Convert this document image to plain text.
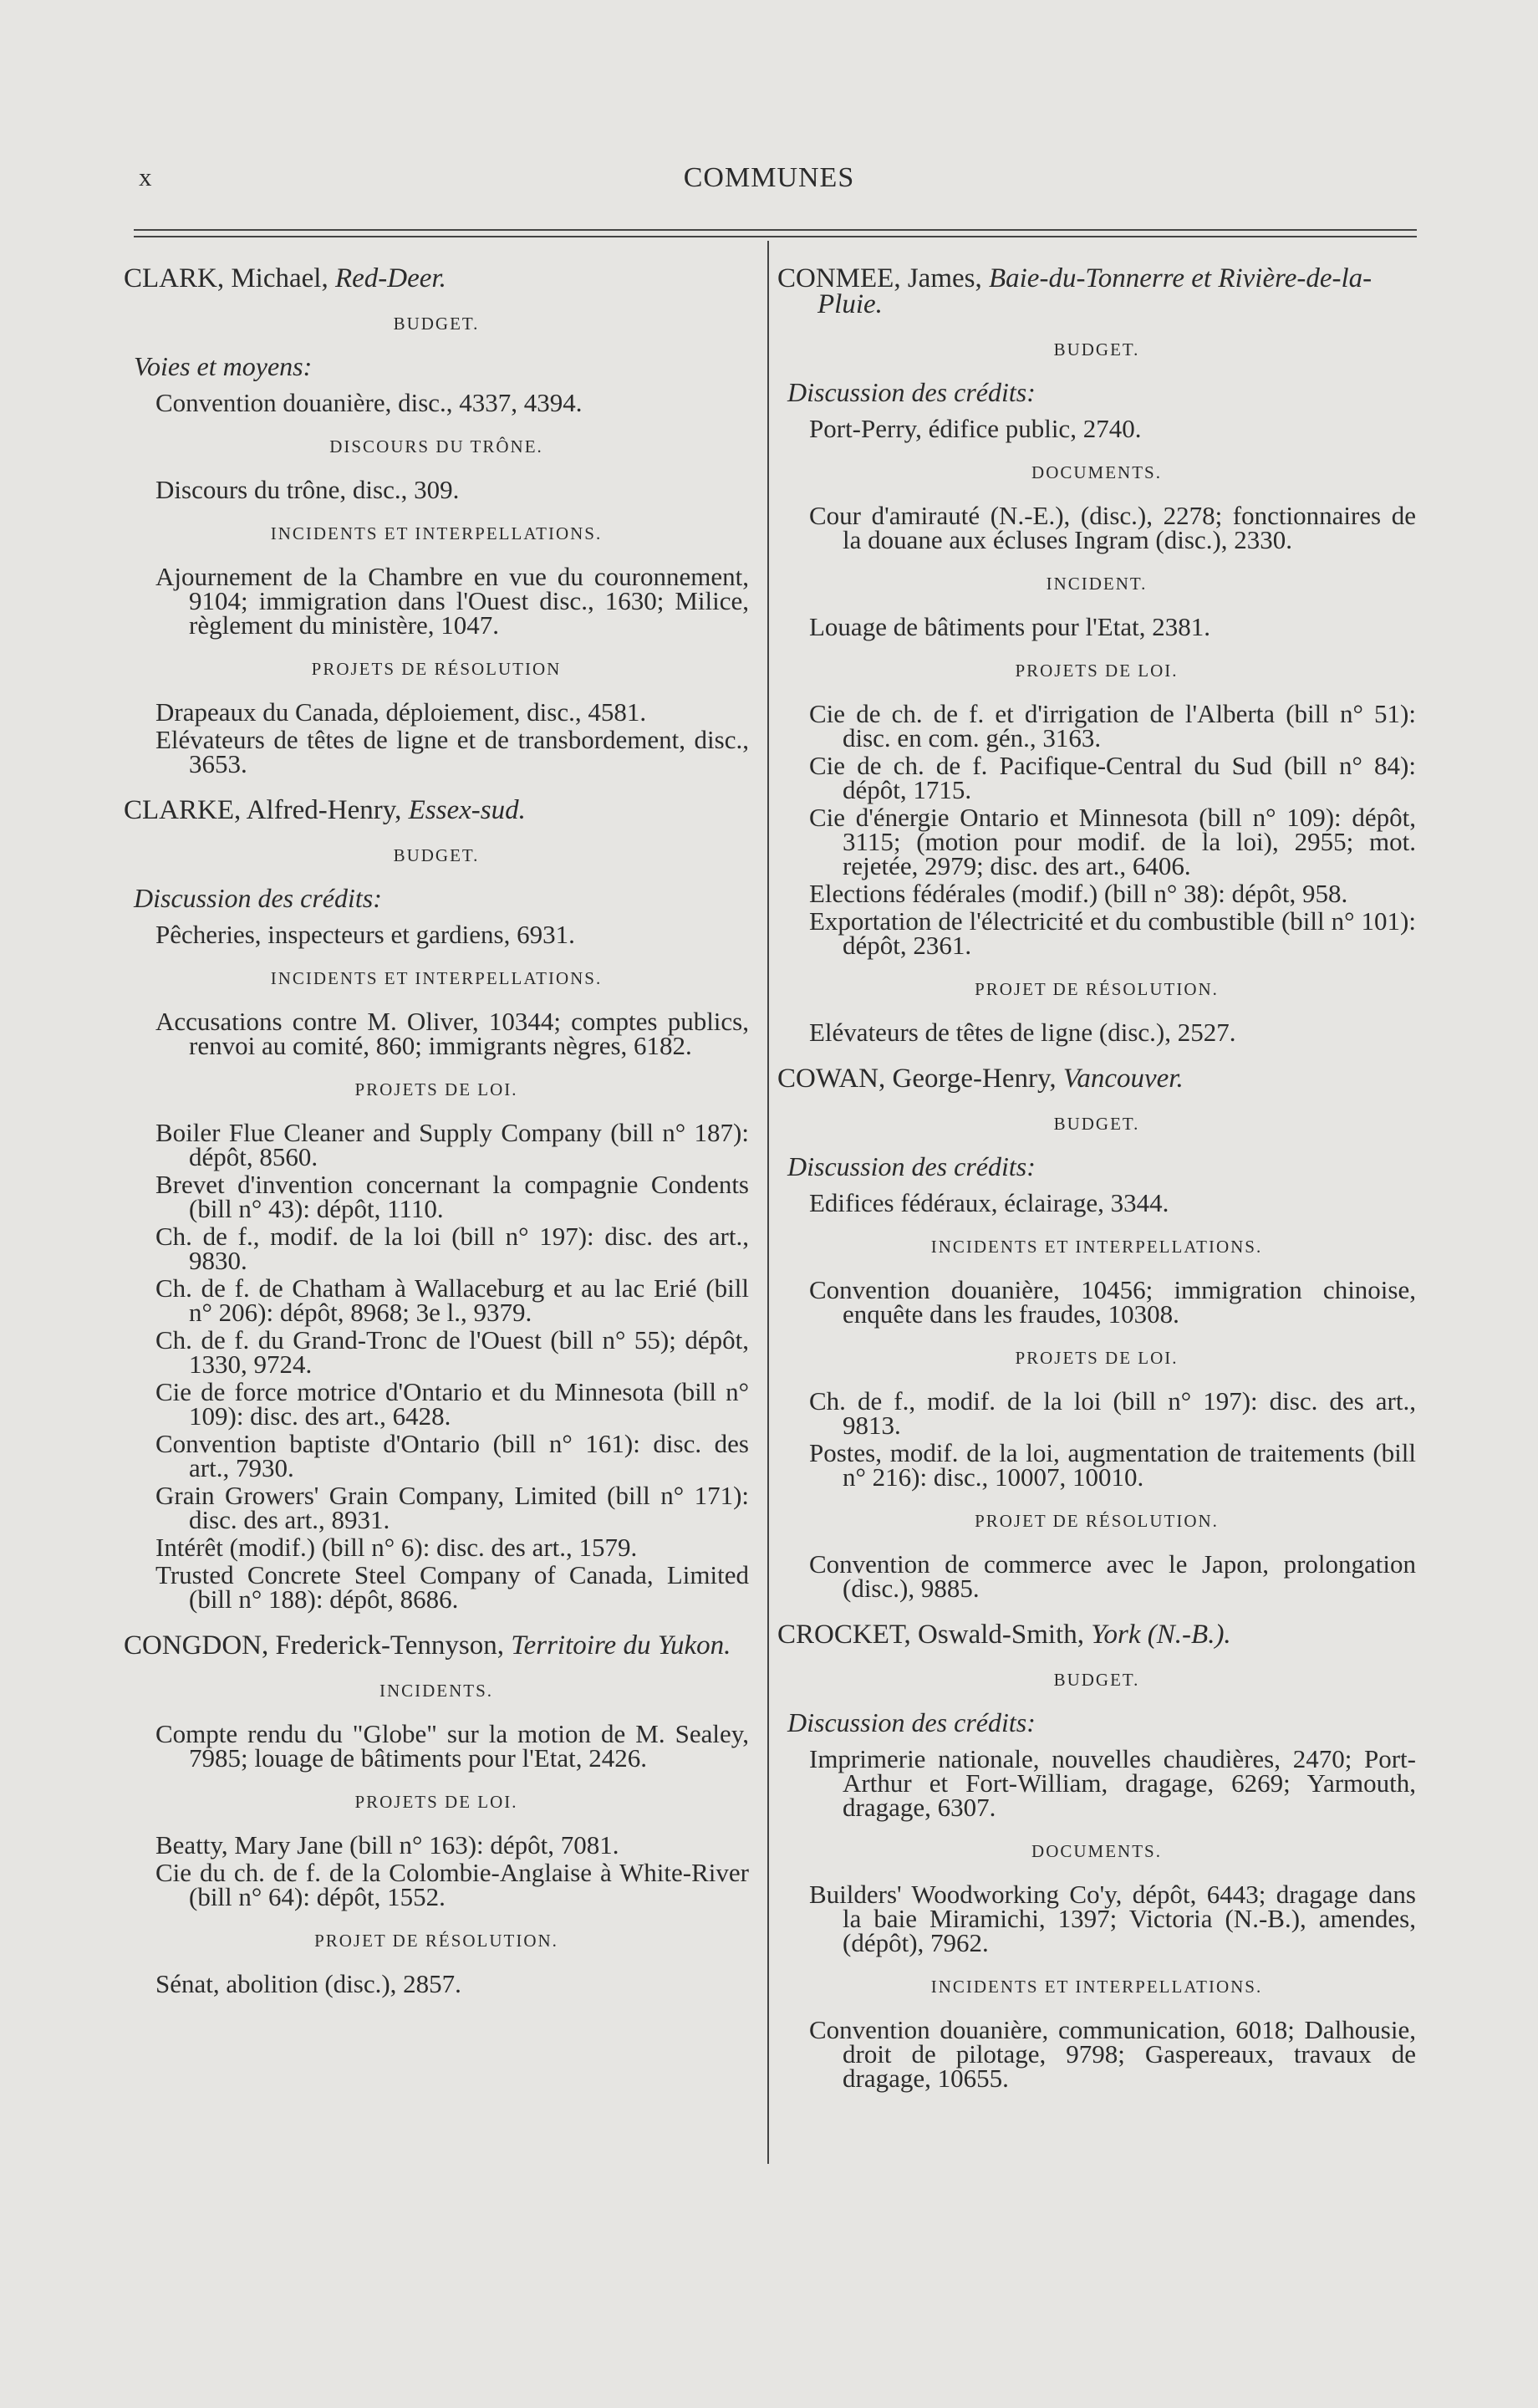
x	COMMUNES
CLARK, Michael, Red-Deer.
BUDGET.
Voies et moyens:
Convention douanière, disc., 4337, 4394.
DISCOURS DU TRÔNE.
Discours du trône, disc., 309.
INCIDENTS ET INTERPELLATIONS.
Ajournement de la Chambre en vue du couronnement, 9104; immigration dans l'Ouest disc., 1630; Milice, règlement du ministère, 1047.
PROJETS DE RÉSOLUTION
Drapeaux du Canada, déploiement, disc., 4581.
Elévateurs de têtes de ligne et de transbordement, disc., 3653.
CLARKE, Alfred-Henry, Essex-sud.
BUDGET.
Discussion des crédits:
Pêcheries, inspecteurs et gardiens, 6931.
INCIDENTS ET INTERPELLATIONS.
Accusations contre M. Oliver, 10344; comptes publics, renvoi au comité, 860; immigrants nègres, 6182.
PROJETS DE LOI.
Boiler Flue Cleaner and Supply Company (bill n° 187): dépôt, 8560.
Brevet d'invention concernant la compagnie Condents (bill n° 43): dépôt, 1110.
Ch. de f., modif. de la loi (bill n° 197): disc. des art., 9830.
Ch. de f. de Chatham à Wallaceburg et au lac Erié (bill n° 206): dépôt, 8968; 3e l., 9379.
Ch. de f. du Grand-Tronc de l'Ouest (bill n° 55); dépôt, 1330, 9724.
Cie de force motrice d'Ontario et du Minnesota (bill n° 109): disc. des art., 6428.
Convention baptiste d'Ontario (bill n° 161): disc. des art., 7930.
Grain Growers' Grain Company, Limited (bill n° 171): disc. des art., 8931.
Intérêt (modif.) (bill n° 6): disc. des art., 1579.
Trusted Concrete Steel Company of Canada, Limited (bill n° 188): dépôt, 8686.
CONGDON, Frederick-Tennyson, Territoire du Yukon.
INCIDENTS.
Compte rendu du "Globe" sur la motion de M. Sealey, 7985; louage de bâtiments pour l'Etat, 2426.
PROJETS DE LOI.
Beatty, Mary Jane (bill n° 163): dépôt, 7081.
Cie du ch. de f. de la Colombie-Anglaise à White-River (bill n° 64): dépôt, 1552.
PROJET DE RÉSOLUTION.
Sénat, abolition (disc.), 2857.
CONMEE, James, Baie-du-Tonnerre et Rivière-de-la-Pluie.
BUDGET.
Discussion des crédits:
Port-Perry, édifice public, 2740.
DOCUMENTS.
Cour d'amirauté (N.-E.), (disc.), 2278; fonctionnaires de la douane aux écluses Ingram (disc.), 2330.
INCIDENT.
Louage de bâtiments pour l'Etat, 2381.
PROJETS DE LOI.
Cie de ch. de f. et d'irrigation de l'Alberta (bill n° 51): disc. en com. gén., 3163.
Cie de ch. de f. Pacifique-Central du Sud (bill n° 84): dépôt, 1715.
Cie d'énergie Ontario et Minnesota (bill n° 109): dépôt, 3115; (motion pour modif. de la loi), 2955; mot. rejetée, 2979; disc. des art., 6406.
Elections fédérales (modif.) (bill n° 38): dépôt, 958.
Exportation de l'électricité et du combustible (bill n° 101): dépôt, 2361.
PROJET DE RÉSOLUTION.
Elévateurs de têtes de ligne (disc.), 2527.
COWAN, George-Henry, Vancouver.
BUDGET.
Discussion des crédits:
Edifices fédéraux, éclairage, 3344.
INCIDENTS ET INTERPELLATIONS.
Convention douanière, 10456; immigration chinoise, enquête dans les fraudes, 10308.
PROJETS DE LOI.
Ch. de f., modif. de la loi (bill n° 197): disc. des art., 9813.
Postes, modif. de la loi, augmentation de traitements (bill n° 216): disc., 10007, 10010.
PROJET DE RÉSOLUTION.
Convention de commerce avec le Japon, prolongation (disc.), 9885.
CROCKET, Oswald-Smith, York (N.-B.).
BUDGET.
Discussion des crédits:
Imprimerie nationale, nouvelles chaudières, 2470; Port-Arthur et Fort-William, dragage, 6269; Yarmouth, dragage, 6307.
DOCUMENTS.
Builders' Woodworking Co'y, dépôt, 6443; dragage dans la baie Miramichi, 1397; Victoria (N.-B.), amendes, (dépôt), 7962.
INCIDENTS ET INTERPELLATIONS.
Convention douanière, communication, 6018; Dalhousie, droit de pilotage, 9798; Gaspereaux, travaux de dragage, 10655.
